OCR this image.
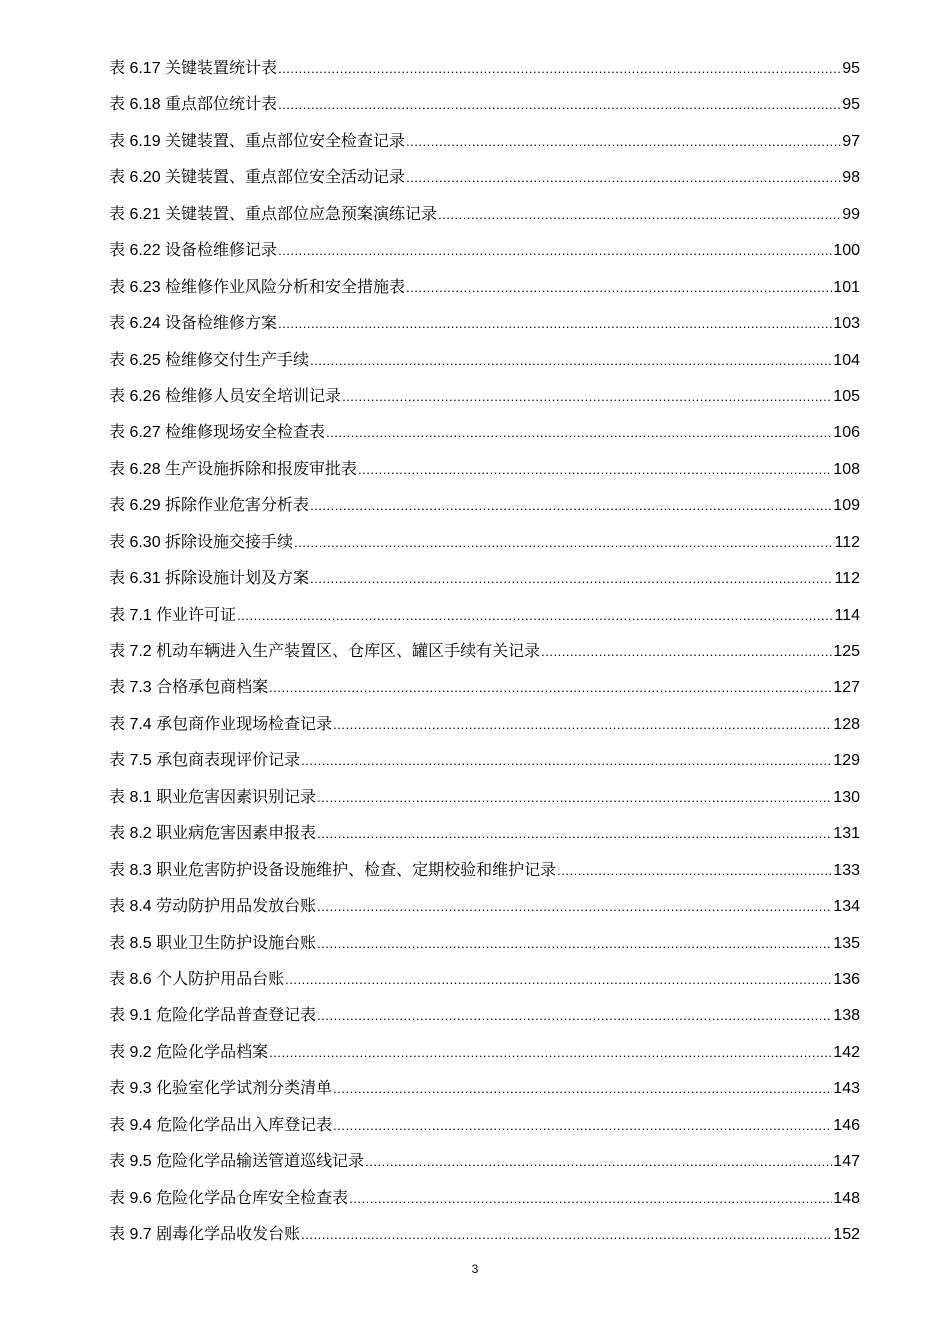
表 6.17 关键装置统计表 .....	95
表 6.18 重点部位统计表 .....	95
表 6.19 关键装置、重点部位安全检查记录 .....	97
表 6.20 关键装置、重点部位安全活动记录 .....	98
表 6.21 关键装置、重点部位应急预案演练记录 .....	99
表 6.22 设备检维修记录 .....	100
表 6.23 检维修作业风险分析和安全措施表 .....	101
表 6.24 设备检维修方案 .....	103
表 6.25 检维修交付生产手续 .....	104
表 6.26 检维修人员安全培训记录 .....	105
表 6.27 检维修现场安全检查表 .....	106
表 6.28 生产设施拆除和报废审批表 .....	108
表 6.29 拆除作业危害分析表 .....	109
表 6.30 拆除设施交接手续 .....	112
表 6.31 拆除设施计划及方案 .....	112
表 7.1 作业许可证 .....	114
表 7.2 机动车辆进入生产装置区、仓库区、罐区手续有关记录 .....	125
表 7.3 合格承包商档案 .....	127
表 7.4 承包商作业现场检查记录 .....	128
表 7.5 承包商表现评价记录 .....	129
表 8.1 职业危害因素识别记录 .....	130
表 8.2 职业病危害因素申报表 .....	131
表 8.3 职业危害防护设备设施维护、检查、定期校验和维护记录 .....	133
表 8.4 劳动防护用品发放台账 .....	134
表 8.5 职业卫生防护设施台账 .....	135
表 8.6 个人防护用品台账 .....	136
表 9.1 危险化学品普查登记表 .....	138
表 9.2 危险化学品档案 .....	142
表 9.3 化验室化学试剂分类清单 .....	143
表 9.4 危险化学品出入库登记表 .....	146
表 9.5 危险化学品输送管道巡线记录 .....	147
表 9.6 危险化学品仓库安全检查表 .....	148
表 9.7 剧毒化学品收发台账 .....	152
3
